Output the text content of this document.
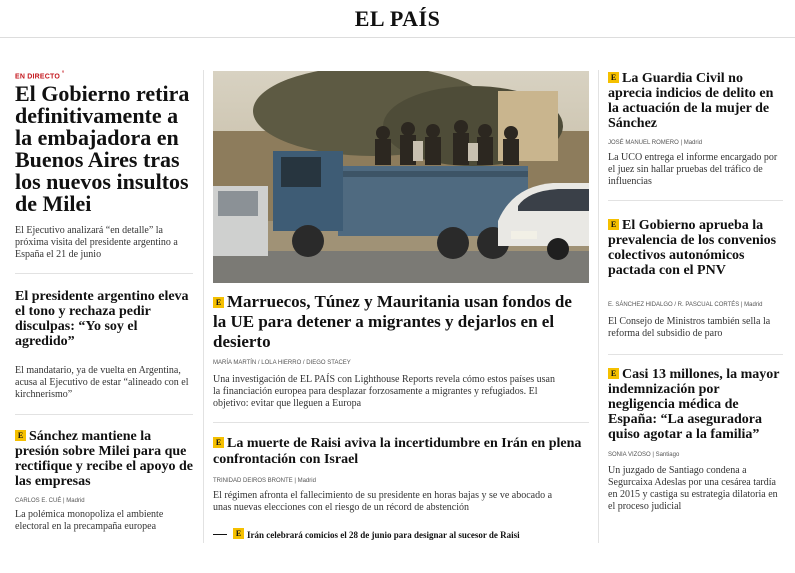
EL PAÍS
EN DIRECTO °
El Gobierno retira definitivamente a la embajadora en Buenos Aires tras los nuevos insultos de Milei

El Ejecutivo analizará “en detalle” la próxima visita del presidente argentino a España el 21 de junio

El presidente argentino eleva el tono y rechaza pedir disculpas: “Yo soy el agredido”

El mandatario, ya de vuelta en Argentina, acusa al Ejecutivo de estar “alineado con el kirchnerismo”

E Sánchez mantiene la presión sobre Milei para que rectifique y recibe el apoyo de las empresas
CARLOS E. CUÉ | Madrid

La polémica monopoliza el ambiente electoral en la precampaña europea

E Marruecos, Túnez y Mauritania usan fondos de la UE para detener a migrantes y dejarlos en el desierto
MARÍA MARTÍN / LOLA HIERRO / DIEGO STACEY

Una investigación de EL PAÍS con Lighthouse Reports revela cómo estos países usan la financiación europea para desplazar forzosamente a migrantes y refugiados. El objetivo: evitar que lleguen a Europa

E La muerte de Raisi aviva la incertidumbre en Irán en plena confrontación con Israel
TRINIDAD DEIROS BRONTE | Madrid

El régimen afronta el fallecimiento de su presidente en horas bajas y se ve abocado a unas nuevas elecciones con el riesgo de un récord de abstención

E Irán celebrará comicios el 28 de junio para designar al sucesor de Raisi
E La Guardia Civil no aprecia indicios de delito en la actuación de la mujer de Sánchez
JOSÉ MANUEL ROMERO | Madrid

La UCO entrega el informe encargado por el juez sin hallar pruebas del tráfico de influencias

E El Gobierno aprueba la prevalencia de los convenios colectivos autonómicos pactada con el PNV
E. SÁNCHEZ HIDALGO / R. PASCUAL CORTÉS | Madrid

El Consejo de Ministros también sella la reforma del subsidio de paro

E Casi 13 millones, la mayor indemnización por negligencia médica de España: “La aseguradora quiso agotar a la familia”
SONIA VIZOSO | Santiago

Un juzgado de Santiago condena a Segurcaixa Adeslas por una cesárea tardía en 2015 y castiga su estrategia dilatoria en el proceso judicial
